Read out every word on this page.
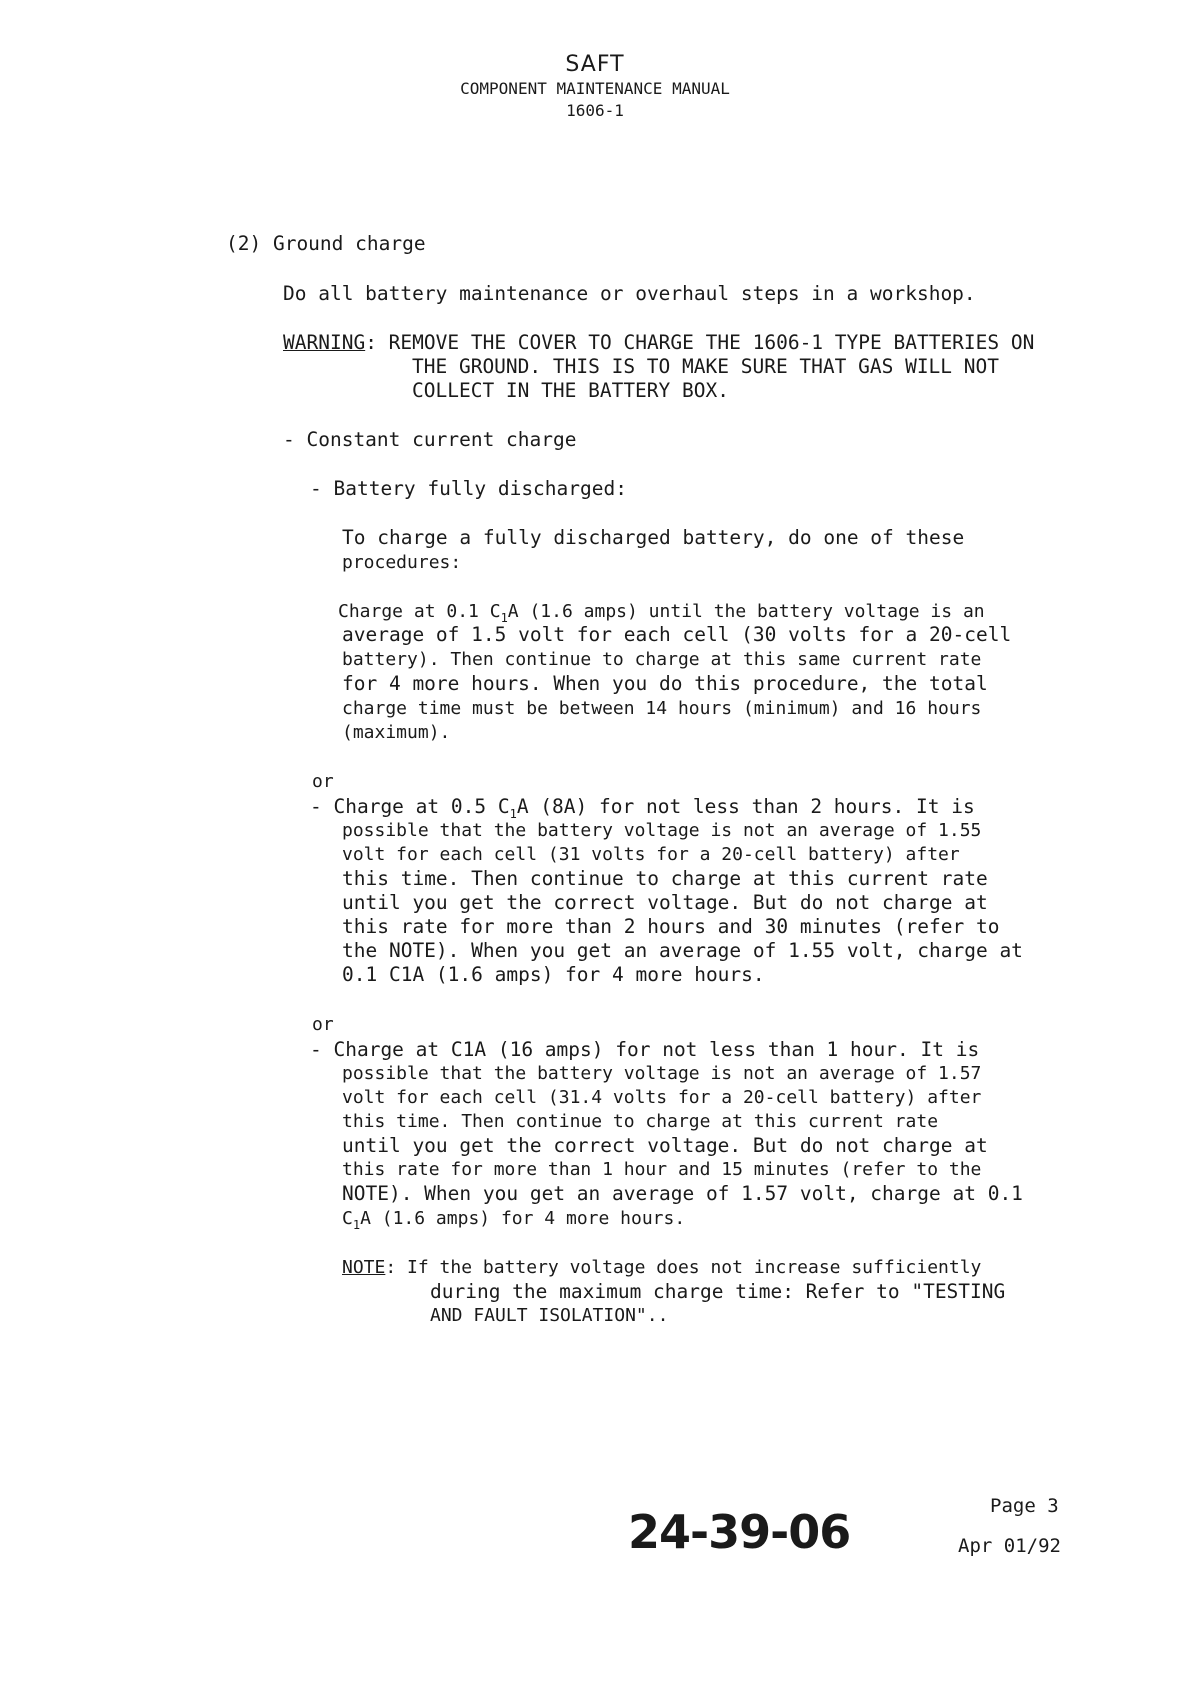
SAFT
COMPONENT MAINTENANCE MANUAL
1606-1
(2) Ground charge
Do all battery maintenance or overhaul steps in a workshop.
WARNING: REMOVE THE COVER TO CHARGE THE 1606-1 TYPE BATTERIES ON
THE GROUND. THIS IS TO MAKE SURE THAT GAS WILL NOT
COLLECT IN THE BATTERY BOX.
- Constant current charge
- Battery fully discharged:
To charge a fully discharged battery, do one of these
procedures:
Charge at 0.1 $C_1A$ (1.6 amps) until the battery voltage is an
average of 1.5 volt for each cell (30 volts for a 20-cell
battery). Then continue to charge at this same current rate
for 4 more hours. When you do this procedure, the total
charge time must be between 14 hours (minimum) and 16 hours
(maximum).
or
- Charge at 0.5 $C_1A$ (8A) for not less than 2 hours. It is
possible that the battery voltage is not an average of 1.55
volt for each cell (31 volts for a 20-cell battery) after
this time. Then continue to charge at this current rate
until you get the correct voltage. But do not charge at
this rate for more than 2 hours and 30 minutes (refer to
the NOTE). When you get an average of 1.55 volt, charge at
0.1 C1A (1.6 amps) for 4 more hours.
or
- Charge at C1A (16 amps) for not less than 1 hour. It is
possible that the battery voltage is not an average of 1.57
volt for each cell (31.4 volts for a 20-cell battery) after
this time. Then continue to charge at this current rate
until you get the correct voltage. But do not charge at
this rate for more than 1 hour and 15 minutes (refer to the
NOTE). When you get an average of 1.57 volt, charge at 0.1
$C_1A$ (1.6 amps) for 4 more hours.
NOTE: If the battery voltage does not increase sufficiently
during the maximum charge time: Refer to "TESTING
AND FAULT ISOLATION"..
24-39-06	Page 3
Apr 01/92
